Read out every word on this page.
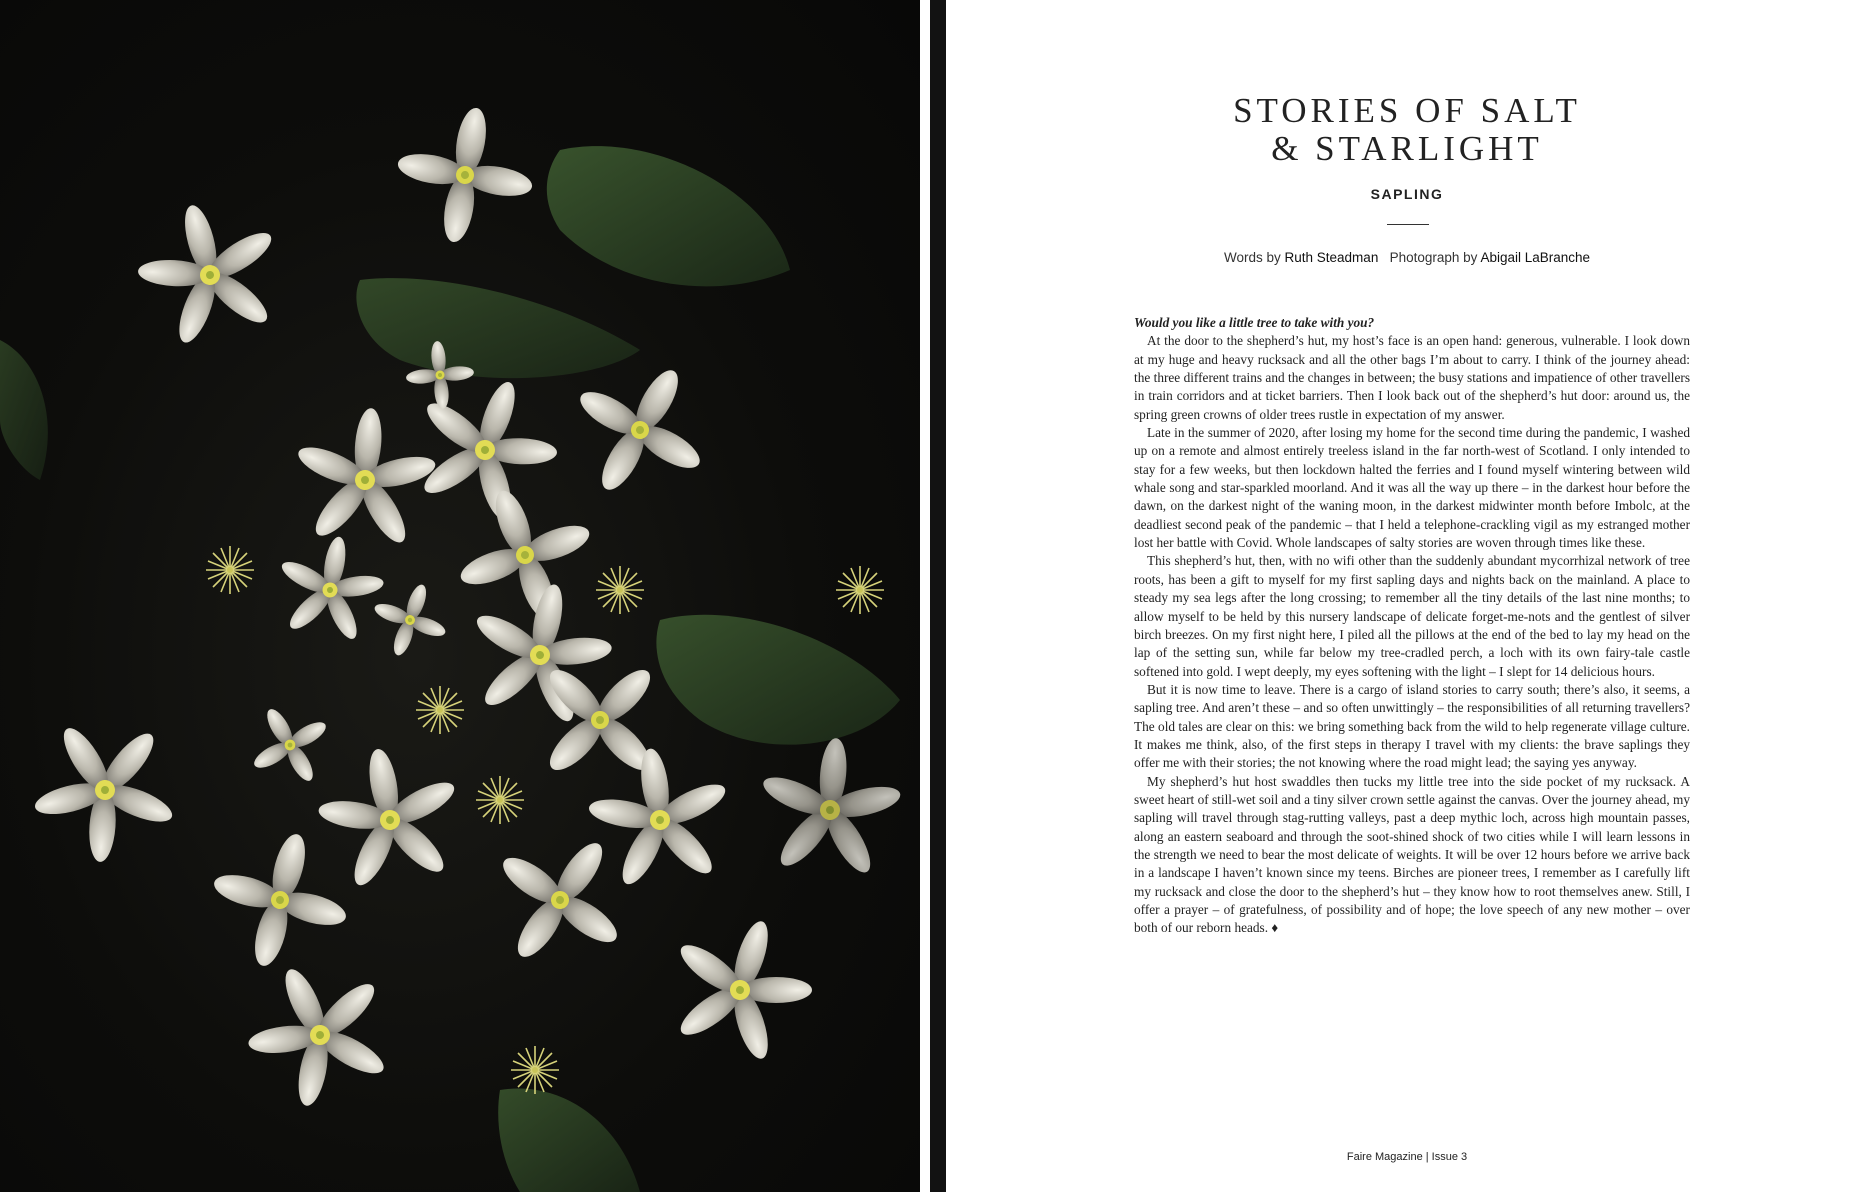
STORIES OF SALT
& STARLIGHT
SAPLING
Words by Ruth Steadman Photograph by Abigail LaBranche

Would you like a little tree to take with you?

At the door to the shepherd’s hut, my host’s face is an open hand: generous, vulnerable. I look down at my huge and heavy rucksack and all the other bags I’m about to carry. I think of the journey ahead: the three different trains and the changes in between; the busy stations and impatience of other travellers in train corridors and at ticket barriers. Then I look back out of the shepherd’s hut door: around us, the spring green crowns of older trees rustle in expectation of my answer.

Late in the summer of 2020, after losing my home for the second time during the pandemic, I washed up on a remote and almost entirely treeless island in the far north-west of Scotland. I only intended to stay for a few weeks, but then lockdown halted the ferries and I found myself wintering between wild whale song and star-sparkled moorland. And it was all the way up there – in the darkest hour before the dawn, on the darkest night of the waning moon, in the darkest midwinter month before Imbolc, at the deadliest second peak of the pandemic – that I held a telephone-crackling vigil as my estranged mother lost her battle with Covid. Whole landscapes of salty stories are woven through times like these.

This shepherd’s hut, then, with no wifi other than the suddenly abundant mycorrhizal network of tree roots, has been a gift to myself for my first sapling days and nights back on the mainland. A place to steady my sea legs after the long crossing; to remember all the tiny details of the last nine months; to allow myself to be held by this nursery landscape of delicate forget-me-nots and the gentlest of silver birch breezes. On my first night here, I piled all the pillows at the end of the bed to lay my head on the lap of the setting sun, while far below my tree-cradled perch, a loch with its own fairy-tale castle softened into gold. I wept deeply, my eyes softening with the light – I slept for 14 delicious hours.

But it is now time to leave. There is a cargo of island stories to carry south; there’s also, it seems, a sapling tree. And aren’t these – and so often unwittingly – the responsibilities of all returning travellers? The old tales are clear on this: we bring something back from the wild to help regenerate village culture. It makes me think, also, of the first steps in therapy I travel with my clients: the brave saplings they offer me with their stories; the not knowing where the road might lead; the saying yes anyway.

My shepherd’s hut host swaddles then tucks my little tree into the side pocket of my rucksack. A sweet heart of still-wet soil and a tiny silver crown settle against the canvas. Over the journey ahead, my sapling will travel through stag-rutting valleys, past a deep mythic loch, across high mountain passes, along an eastern seaboard and through the soot-shined shock of two cities while I will learn lessons in the strength we need to bear the most delicate of weights. It will be over 12 hours before we arrive back in a landscape I haven’t known since my teens. Birches are pioneer trees, I remember as I carefully lift my rucksack and close the door to the shepherd’s hut – they know how to root themselves anew. Still, I offer a prayer – of gratefulness, of possibility and of hope; the love speech of any new mother – over both of our reborn heads. ♦

Faire Magazine | Issue 3
